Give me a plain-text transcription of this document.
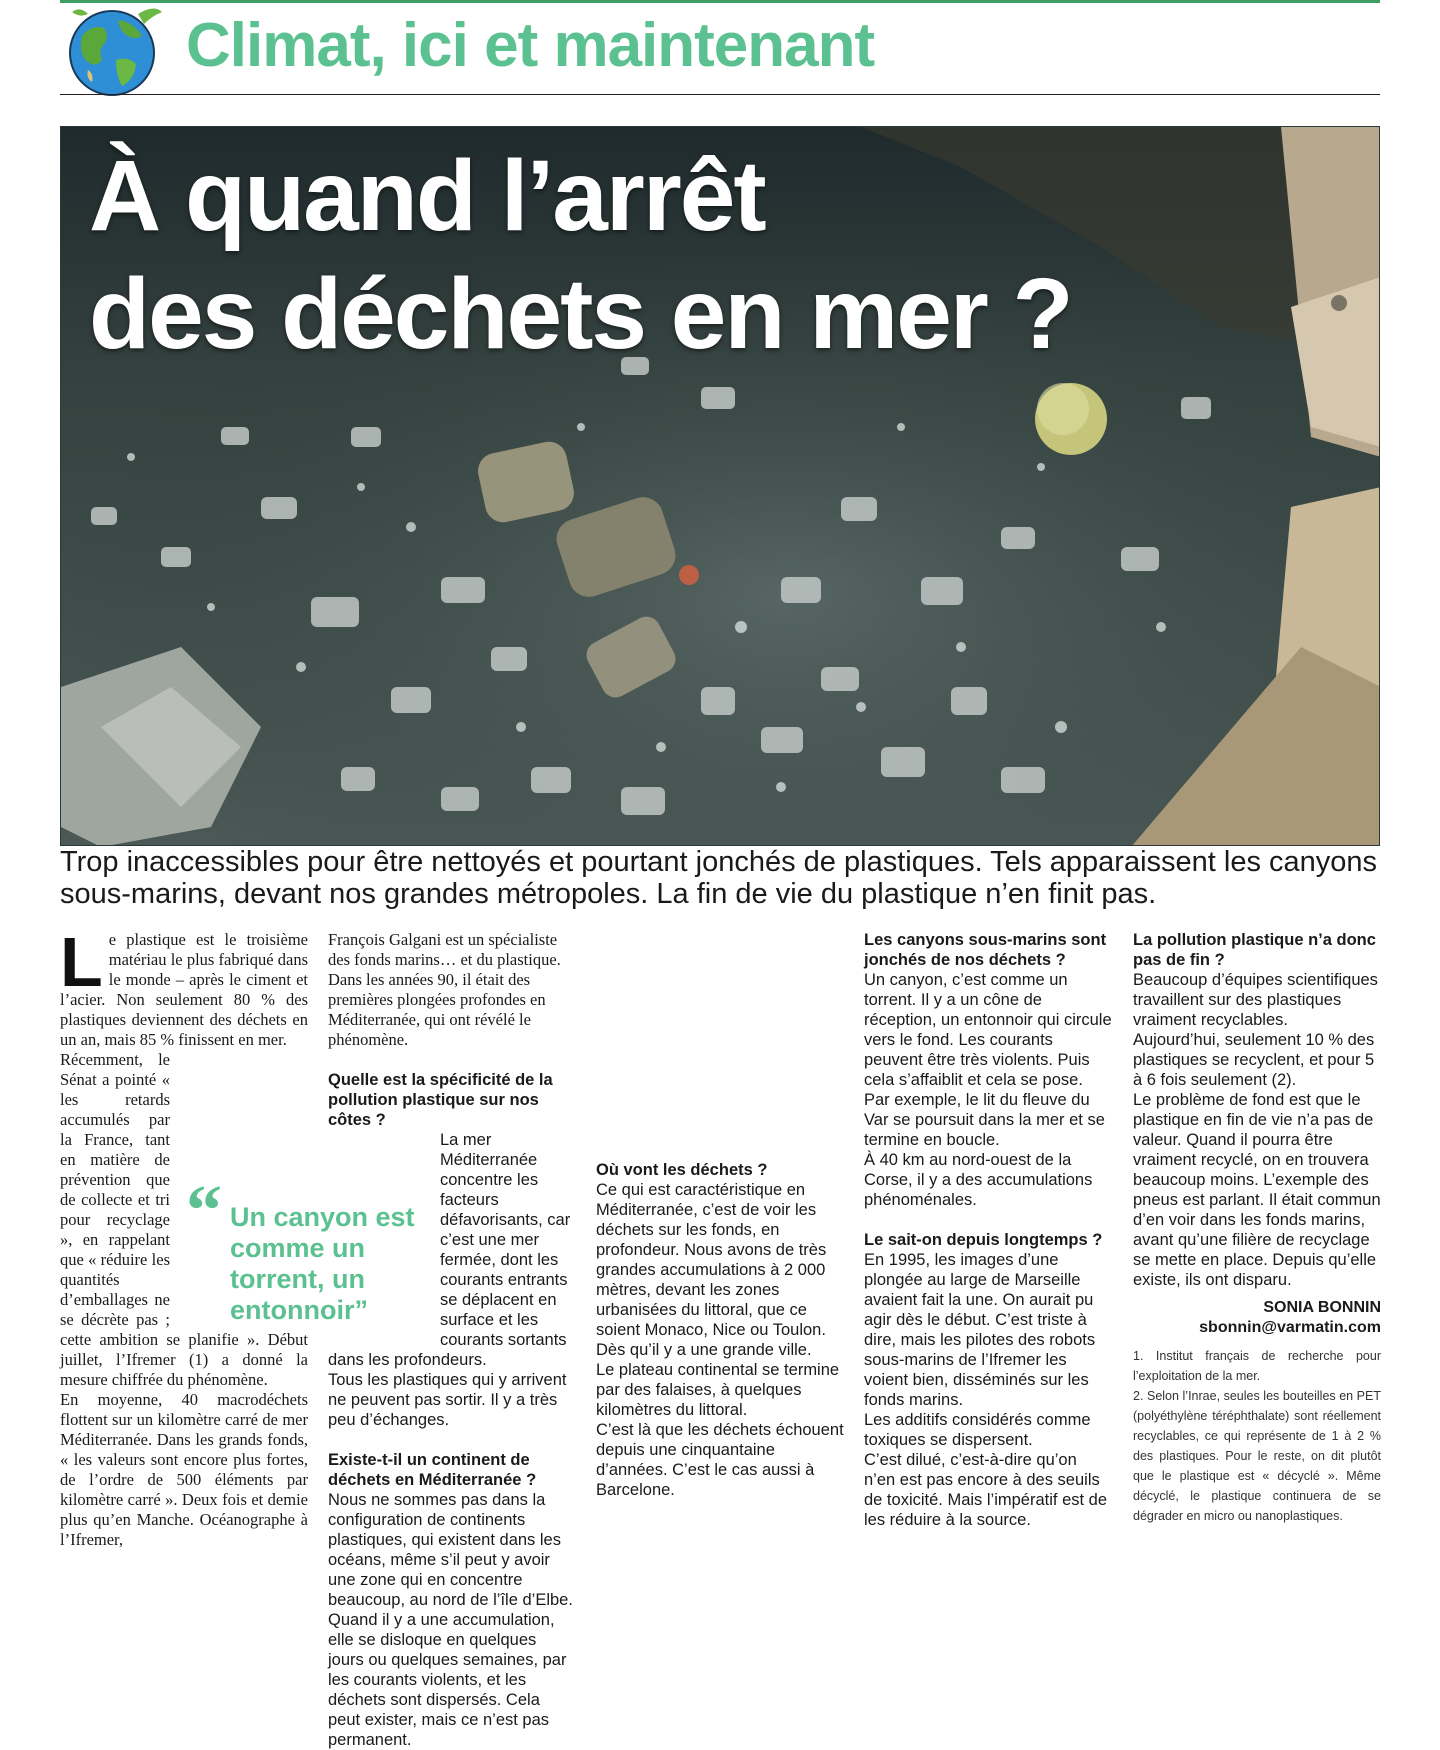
Climat, ici et maintenant
À quand l’arrêt
des déchets en mer ?
Trop inaccessibles pour être nettoyés et pourtant jonchés de plastiques. Tels apparaissent les canyons sous-marins, devant nos grandes métropoles. La fin de vie du plastique n’en finit pas.

Le plastique est le troisième matériau le plus fabriqué dans le monde – après le ciment et l’acier. Non seulement 80 % des plastiques deviennent des déchets en un an, mais 85 % finissent en mer.

Récemment, le Sénat a pointé « les retards accumulés par la France, tant en matière de prévention que de collecte et tri pour recyclage », en rappelant que « réduire les quantités d’emballages ne se décrète pas ; cette ambition se planifie ». Début juillet, l’Ifremer (1) a donné la mesure chiffrée du phénomène.

En moyenne, 40 macrodéchets flottent sur un kilomètre carré de mer Méditerranée. Dans les grands fonds, « les valeurs sont encore plus fortes, de l’ordre de 500 éléments par kilomètre carré ». Deux fois et demie plus qu’en Manche. Océanographe à l’Ifremer,

François Galgani est un spécialiste des fonds marins… et du plastique.

Dans les années 90, il était des premières plongées profondes en Méditerranée, qui ont révélé le phénomène.

Quelle est la spécificité de la pollution plastique sur nos côtes ?

La mer Méditerranée concentre les facteurs défavorisants, car c’est une mer fermée, dont les courants entrants se déplacent en surface et les courants sortants dans les profondeurs.

Tous les plastiques qui y arrivent ne peuvent pas sortir. Il y a très peu d’échanges.

Existe-t-il un continent de déchets en Méditerranée ?

Nous ne sommes pas dans la configuration de continents plastiques, qui existent dans les océans, même s’il peut y avoir une zone qui en concentre beaucoup, au nord de l’île d’Elbe. Quand il y a une accumulation, elle se disloque en quelques jours ou quelques semaines, par les courants violents, et les déchets sont dispersés. Cela peut exister, mais ce n’est pas permanent.

Où vont les déchets ?

Ce qui est caractéristique en Méditerranée, c’est de voir les déchets sur les fonds, en profondeur. Nous avons de très grandes accumulations à 2 000 mètres, devant les zones urbanisées du littoral, que ce soient Monaco, Nice ou Toulon. Dès qu’il y a une grande ville.

Le plateau continental se termine par des falaises, à quelques kilomètres du littoral.

C’est là que les déchets échouent depuis une cinquantaine d’années. C’est le cas aussi à Barcelone.

Les canyons sous-marins sont jonchés de nos déchets ?

Un canyon, c’est comme un torrent. Il y a un cône de réception, un entonnoir qui circule vers le fond. Les courants peuvent être très violents. Puis cela s’affaiblit et cela se pose. Par exemple, le lit du fleuve du Var se poursuit dans la mer et se termine en boucle.

À 40 km au nord-ouest de la Corse, il y a des accumulations phénoménales.

Le sait-on depuis longtemps ?

En 1995, les images d’une plongée au large de Marseille avaient fait la une. On aurait pu agir dès le début. C’est triste à dire, mais les pilotes des robots sous-marins de l’Ifremer les voient bien, disséminés sur les fonds marins.

Les additifs considérés comme toxiques se dispersent.

C’est dilué, c’est-à-dire qu’on n’en est pas encore à des seuils de toxicité. Mais l’impératif est de les réduire à la source.

La pollution plastique n’a donc pas de fin ?

Beaucoup d’équipes scientifiques travaillent sur des plastiques vraiment recyclables.

Aujourd’hui, seulement 10 % des plastiques se recyclent, et pour 5 à 6 fois seulement (2).

Le problème de fond est que le plastique en fin de vie n’a pas de valeur. Quand il pourra être vraiment recyclé, on en trouvera beaucoup moins. L’exemple des pneus est parlant. Il était commun d’en voir dans les fonds marins, avant qu’une filière de recyclage se mette en place. Depuis qu’elle existe, ils ont disparu.

SONIA BONNIN

sbonnin@varmatin.com

1. Institut français de recherche pour l’exploitation de la mer.

2. Selon l’Inrae, seules les bouteilles en PET (polyéthylène téréphthalate) sont réellement recyclables, ce qui représente de 1 à 2 % des plastiques. Pour le reste, on dit plutôt que le plastique est « décyclé ». Même décyclé, le plastique continuera de se dégrader en micro ou nanoplastiques.

“ Un canyon est comme un torrent, un entonnoir”
